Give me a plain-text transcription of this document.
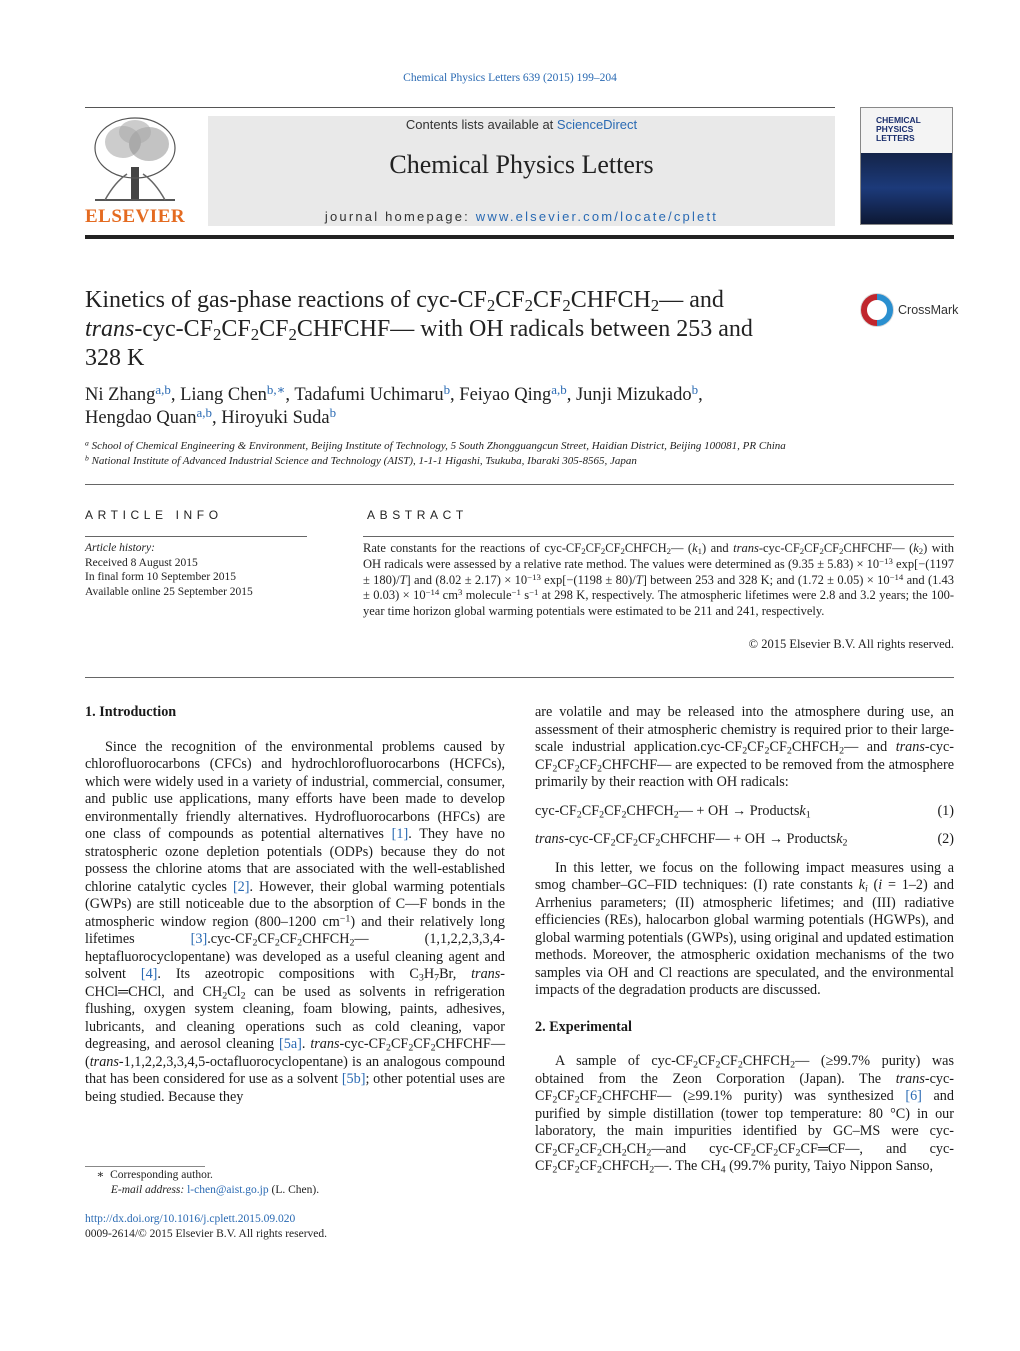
Chemical Physics Letters 639 (2015) 199–204
ELSEVIER
Contents lists available at ScienceDirect
Chemical Physics Letters
journal homepage: www.elsevier.com/locate/cplett
CHEMICAL PHYSICS LETTERS
Kinetics of gas-phase reactions of cyc-$CF_2CF_2CF_2CHFCH_2—$ and
trans-$cyc-CF_2CF_2CF_2CHFCHF—$ with OH radicals between 253 and
328 K
CrossMark
Ni Zhang$^{a,b}$, Liang Chen$^{b,∗}$, Tadafumi Uchimaru$^b$, Feiyao Qing$^{a,b}$, Junji Mizukado$^b$,
Hengdao Quan$^{a,b}$, Hiroyuki Suda$^b$
$^a$ School of Chemical Engineering & Environment, Beijing Institute of Technology, 5 South Zhongguangcun Street, Haidian District, Beijing 100081, PR China
$^b$ National Institute of Advanced Industrial Science and Technology (AIST), 1-1-1 Higashi, Tsukuba, Ibaraki 305-8565, Japan
ARTICLE INFO	ABSTRACT
Article history:
Received 8 August 2015
In final form 10 September 2015
Available online 25 September 2015
Rate constants for the reactions of cyc-$CF_2CF_2CF_2CHFCH_2—$ $(k_1)$ and trans-$cyc-CF_2CF_2CF_2CHFCHF—$ $(k_2)$ with OH radicals were assessed by a relative rate method. The values were determined as $(9.35 \pm 5.83) \times 10^{-13}$ exp[−(1197 ± 180)/T] and $(8.02 \pm 2.17) \times 10^{-13}$ exp[−(1198 ± 80)/T] between 253 and 328 K; and $(1.72 \pm 0.05) \times 10^{-14}$ and $(1.43 \pm 0.03) \times 10^{-14}$ $cm^3$ molecule$^{-1}$ $s^{-1}$ at 298 K, respectively. The atmospheric lifetimes were 2.8 and 3.2 years; the 100-year time horizon global warming potentials were estimated to be 211 and 241, respectively.
© 2015 Elsevier B.V. All rights reserved.

1. Introduction

Since the recognition of the environmental problems caused by chlorofluorocarbons (CFCs) and hydrochlorofluorocarbons (HCFCs), which were widely used in a variety of industrial, commercial, consumer, and public use applications, many efforts have been made to develop environmentally friendly alternatives. Hydrofluorocarbons (HFCs) are one class of compounds as potential alternatives [1]. They have no stratospheric ozone depletion potentials (ODPs) because they do not possess the chlorine atoms that are associated with the well-established chlorine catalytic cycles [2]. However, their global warming potentials (GWPs) are still noticeable due to the absorption of C—F bonds in the atmospheric window region (800–1200 $cm^{-1}$) and their relatively long lifetimes $[3].cyc-CF_2CF_2CF_2CHFCH_2—$ (1,1,2,2,3,3,4-heptafluorocyclopentane) was developed as a useful cleaning agent and solvent [4]. Its azeotropic compositions with $C_3H_7Br$, trans-CHCl═CHCl, and $CH_2Cl_2$ can be used as solvents in refrigeration flushing, oxygen system cleaning, foam blowing, paints, adhesives, lubricants, and cleaning operations such as cold cleaning, vapor degreasing, and aerosol cleaning [5a]. trans-$cyc-CF_2CF_2CF_2CHFCHF—(trans-1,1,2,2,3,3,4,5-octafluorocyclopentane)$ is an analogous compound that has been considered for use as a solvent [5b]; other potential uses are being studied. Because they

are volatile and may be released into the atmosphere during use, an assessment of their atmospheric chemistry is required prior to their large-scale industrial $application.cyc-CF_2CF_2CF_2CHFCH_2—$ and trans-$cyc-CF_2CF_2CF_2CHFCHF—$ are expected to be removed from the atmosphere primarily by their reaction with OH radicals:

cyc-$CF_2CF_2CF_2CHFCH_2—$ + OH → Productsk$_1$	(1)

trans-$cyc-CF_2CF_2CF_2CHFCHF—$ + OH → Productsk$_2$	(2)

In this letter, we focus on the following impact measures using a smog chamber–GC–FID techniques: (I) rate constants $k_i$ (i = 1–2) and Arrhenius parameters; (II) atmospheric lifetimes; and (III) radiative efficiencies (REs), halocarbon global warming potentials (HGWPs), and global warming potentials (GWPs), using original and updated estimation methods. Moreover, the atmospheric oxidation mechanisms of the two samples via OH and Cl reactions are speculated, and the environmental impacts of the degradation products are discussed.

2. Experimental

A sample of cyc-$CF_2CF_2CF_2CHFCH_2—$ (≥99.7% purity) was obtained from the Zeon Corporation (Japan). The trans-$cyc-CF_2CF_2CF_2CHFCHF—$ (≥99.1% purity) was synthesized [6] and purified by simple distillation (tower top temperature: 80 °C) in our laboratory, the main impurities identified by GC–MS were cyc-$CF_2CF_2CF_2CH_2CH_2—and$ cyc-$CF_2CF_2CF_2CF═CF—$, and cyc-$CF_2CF_2CF_2CHFCH_2—$. The $CH_4$ (99.7% purity, Taiyo Nippon Sanso,

∗  Corresponding author.
E-mail address: l-chen@aist.go.jp (L. Chen).
http://dx.doi.org/10.1016/j.cplett.2015.09.020
0009-2614/© 2015 Elsevier B.V. All rights reserved.
